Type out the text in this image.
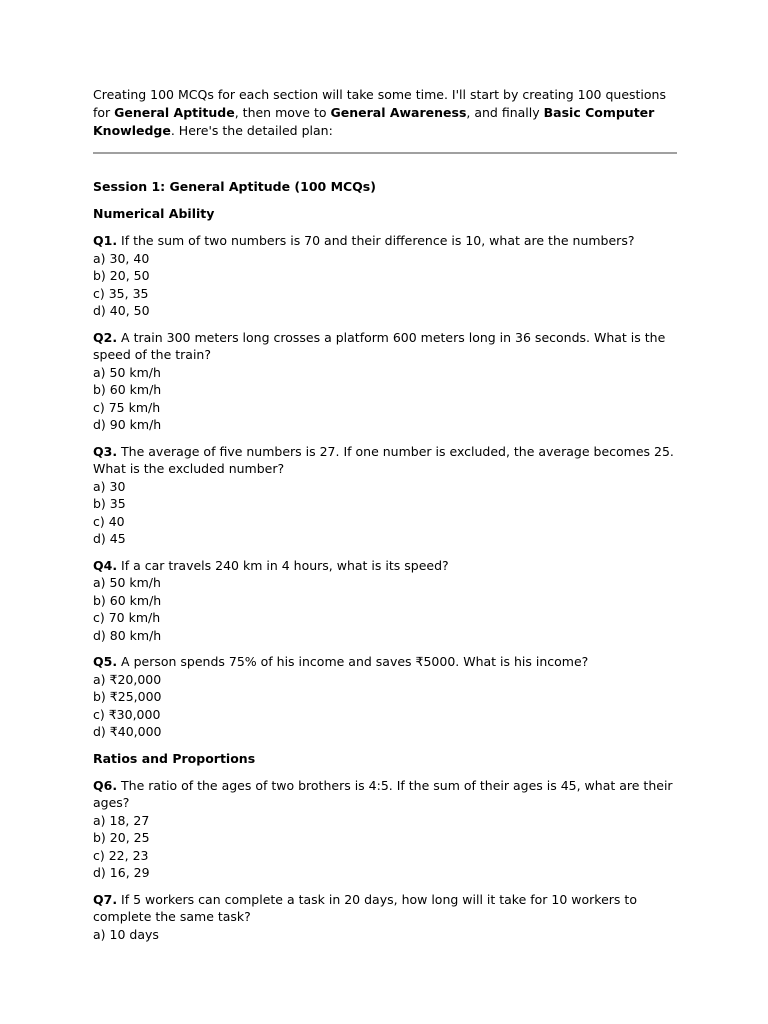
Creating 100 MCQs for each section will take some time. I'll start by creating 100 questions for General Aptitude, then move to General Awareness, and finally Basic Computer Knowledge. Here's the detailed plan:

Session 1: General Aptitude (100 MCQs)

Numerical Ability

Q1. If the sum of two numbers is 70 and their difference is 10, what are the numbers?

a) 30, 40
b) 20, 50
c) 35, 35
d) 40, 50

Q2. A train 300 meters long crosses a platform 600 meters long in 36 seconds. What is the speed of the train?

a) 50 km/h
b) 60 km/h
c) 75 km/h
d) 90 km/h

Q3. The average of five numbers is 27. If one number is excluded, the average becomes 25. What is the excluded number?

a) 30
b) 35
c) 40
d) 45

Q4. If a car travels 240 km in 4 hours, what is its speed?

a) 50 km/h
b) 60 km/h
c) 70 km/h
d) 80 km/h

Q5. A person spends 75% of his income and saves ₹5000. What is his income?

a) ₹20,000
b) ₹25,000
c) ₹30,000
d) ₹40,000

Ratios and Proportions

Q6. The ratio of the ages of two brothers is 4:5. If the sum of their ages is 45, what are their ages?

a) 18, 27
b) 20, 25
c) 22, 23
d) 16, 29

Q7. If 5 workers can complete a task in 20 days, how long will it take for 10 workers to complete the same task?

a) 10 days
